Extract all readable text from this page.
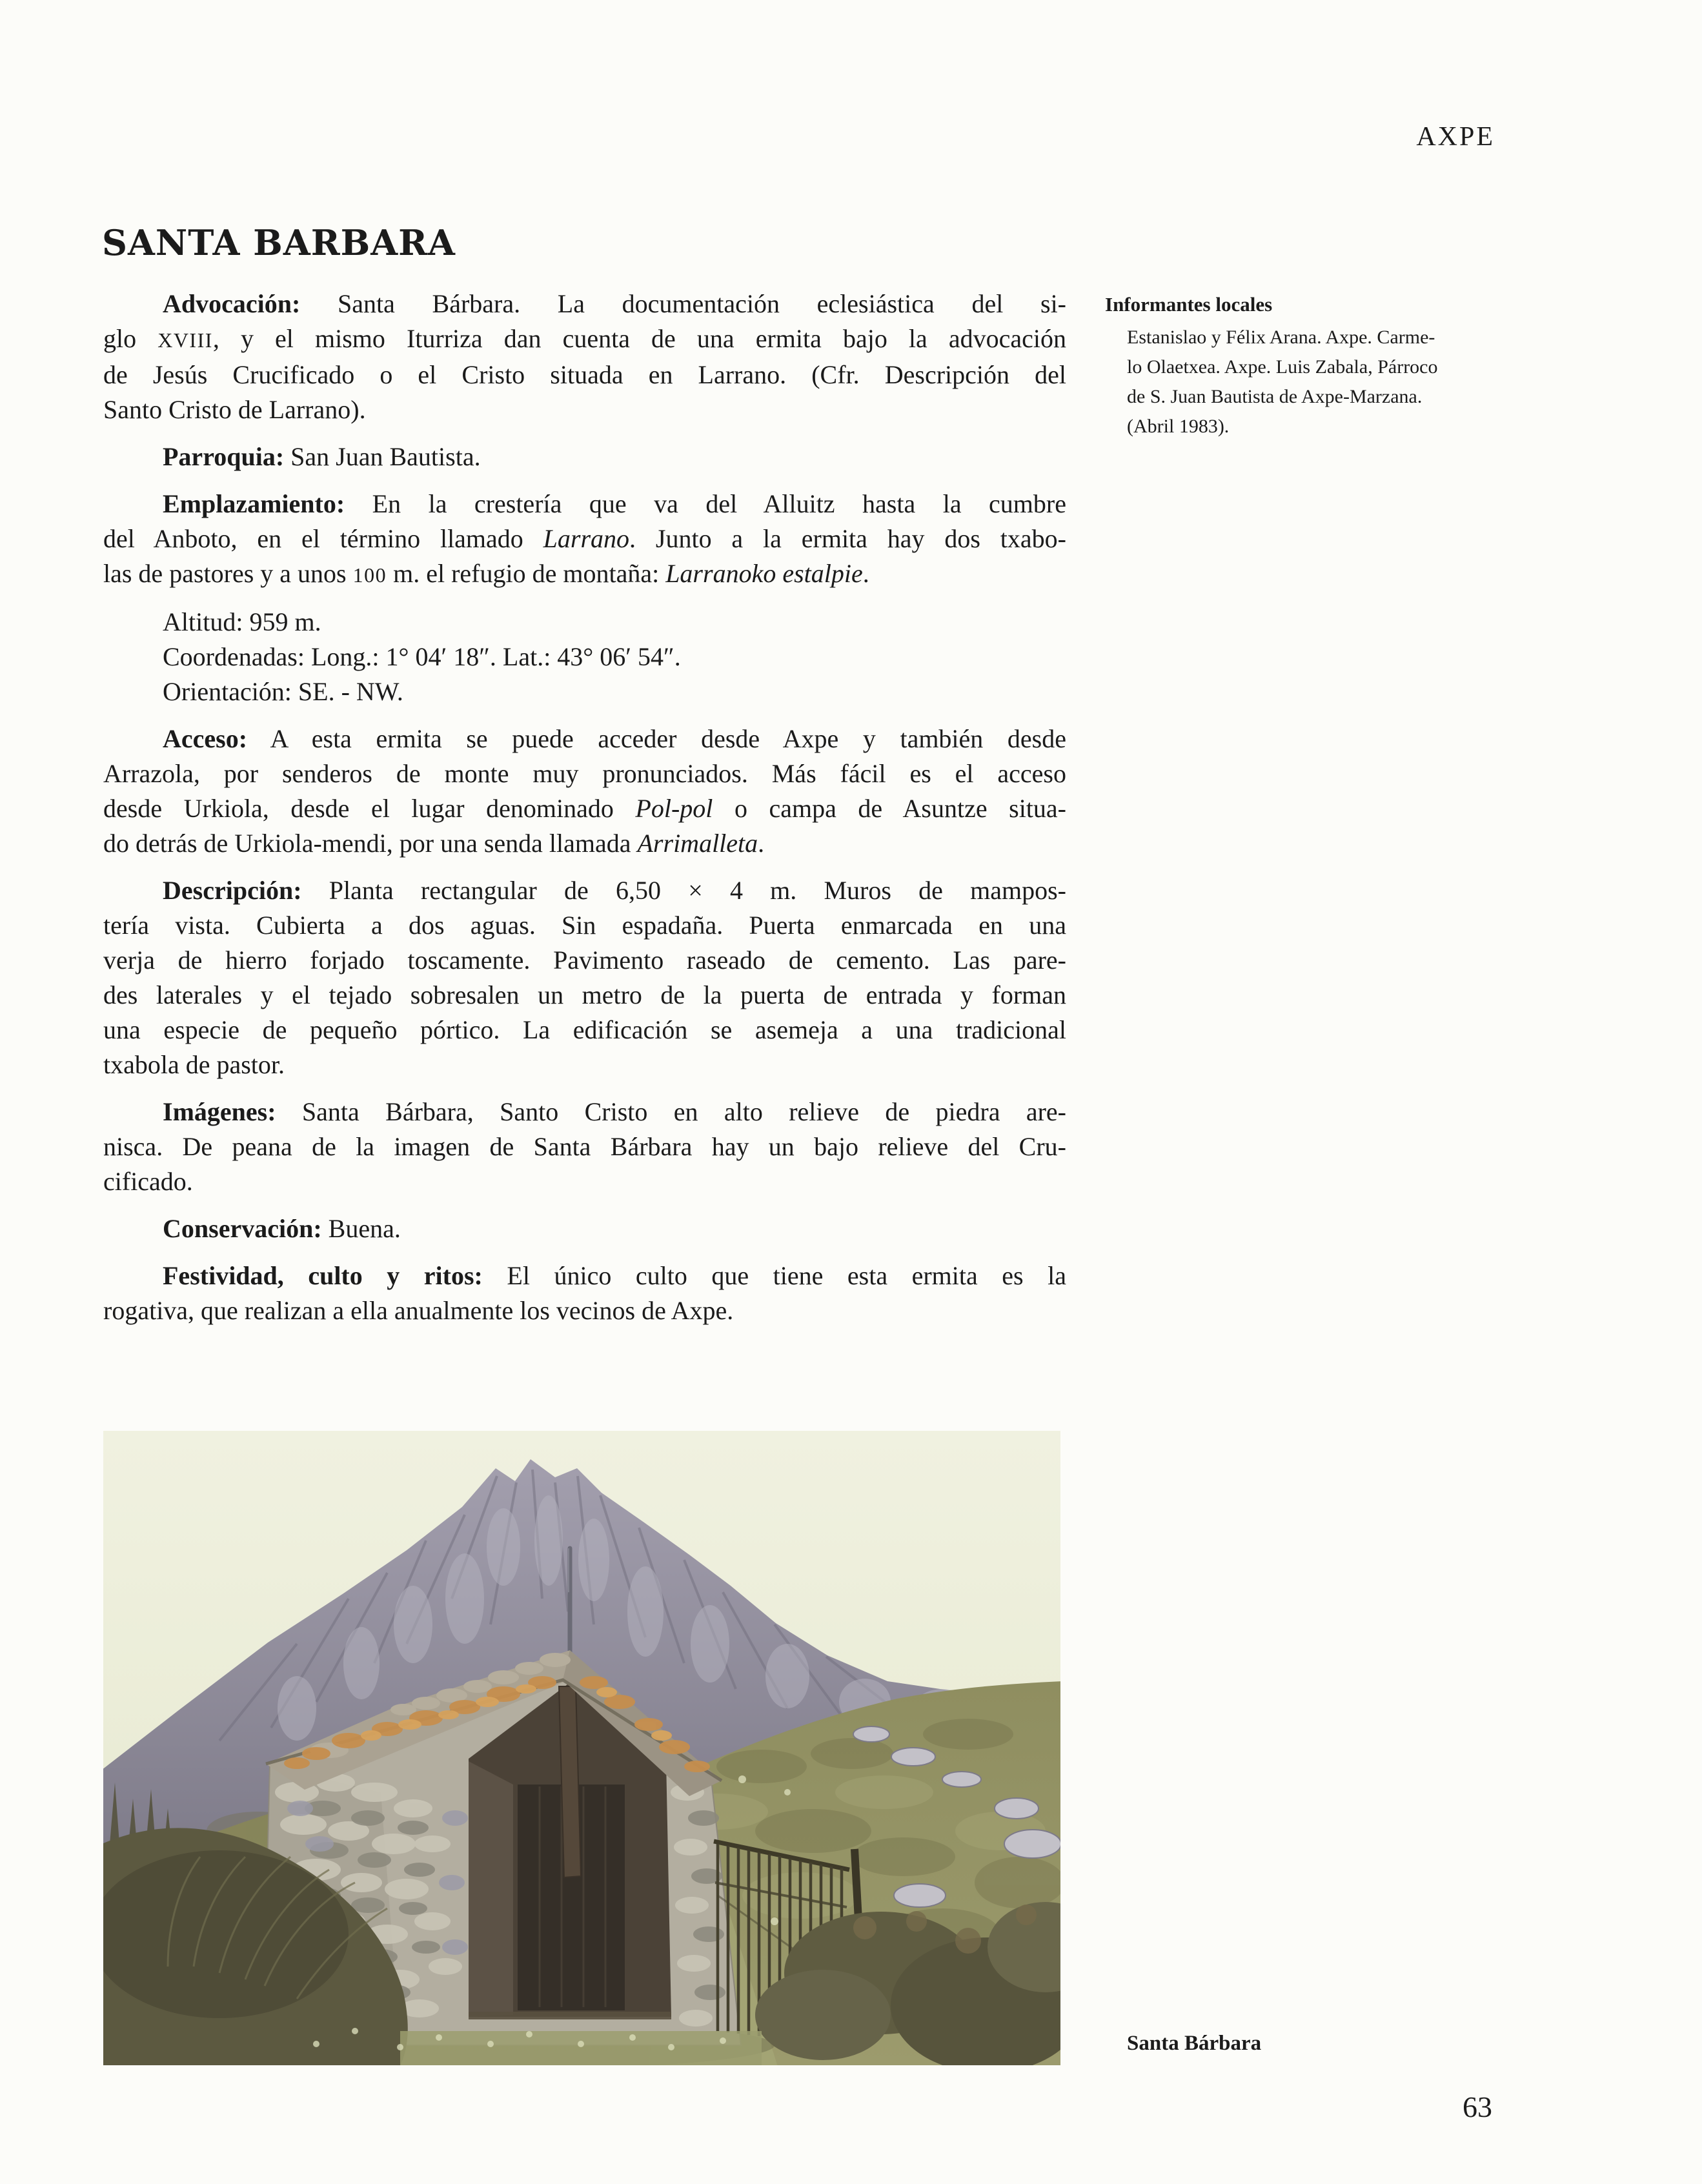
AXPE
SANTA BARBARA
Advocación: Santa Bárbara. La documentación eclesiástica del si-
glo XVIII, y el mismo Iturriza dan cuenta de una ermita bajo la advocación
de Jesús Crucificado o el Cristo situada en Larrano. (Cfr. Descripción del
Santo Cristo de Larrano).
Parroquia: San Juan Bautista.
Emplazamiento: En la crestería que va del Alluitz hasta la cumbre
del Anboto, en el término llamado Larrano. Junto a la ermita hay dos txabo-
las de pastores y a unos 100 m. el refugio de montaña: Larranoko estalpie.
Altitud: 959 m.
Coordenadas: Long.: 1° 04′ 18″. Lat.: 43° 06′ 54″.
Orientación: SE. - NW.
Acceso: A esta ermita se puede acceder desde Axpe y también desde
Arrazola, por senderos de monte muy pronunciados. Más fácil es el acceso
desde Urkiola, desde el lugar denominado Pol-pol o campa de Asuntze situa-
do detrás de Urkiola-mendi, por una senda llamada Arrimalleta.
Descripción: Planta rectangular de 6,50 × 4 m. Muros de mampos-
tería vista. Cubierta a dos aguas. Sin espadaña. Puerta enmarcada en una
verja de hierro forjado toscamente. Pavimento raseado de cemento. Las pare-
des laterales y el tejado sobresalen un metro de la puerta de entrada y forman
una especie de pequeño pórtico. La edificación se asemeja a una tradicional
txabola de pastor.
Imágenes: Santa Bárbara, Santo Cristo en alto relieve de piedra are-
nisca. De peana de la imagen de Santa Bárbara hay un bajo relieve del Cru-
cificado.
Conservación: Buena.
Festividad, culto y ritos: El único culto que tiene esta ermita es la
rogativa, que realizan a ella anualmente los vecinos de Axpe.
Informantes locales
Estanislao y Félix Arana. Axpe. Carme-
lo Olaetxea. Axpe. Luis Zabala, Párroco
de S. Juan Bautista de Axpe-Marzana.
(Abril 1983).
Santa Bárbara
63
